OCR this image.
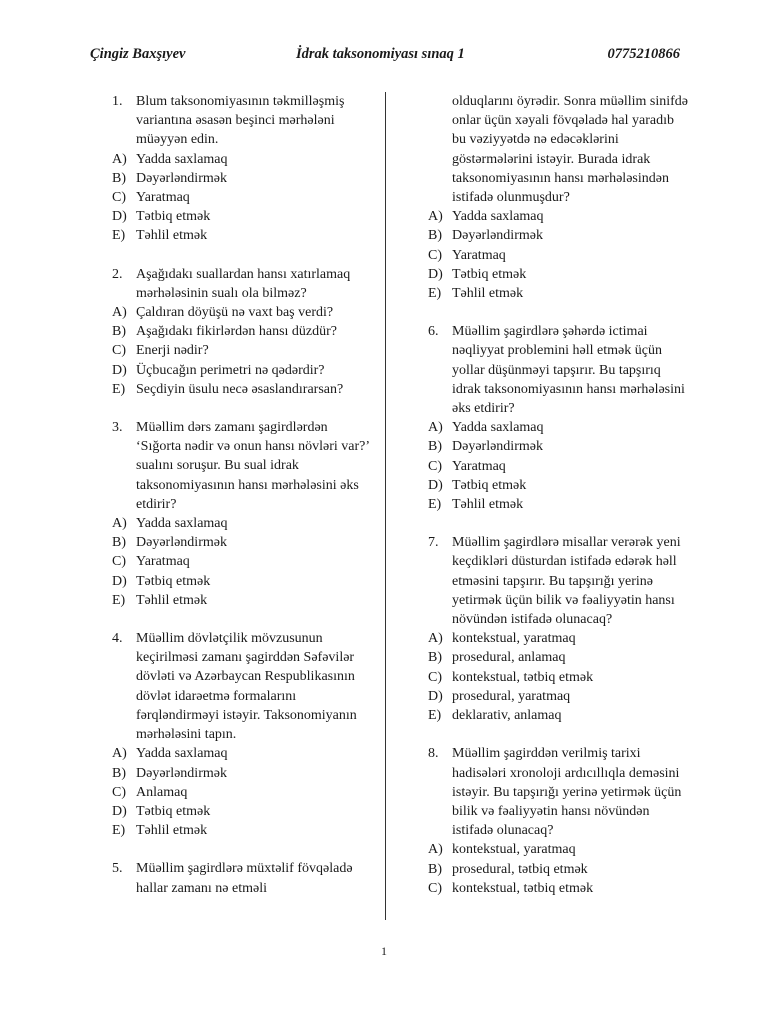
Çingiz Baxşıyev	İdrak taksonomiyası sınaq 1	0775210866
1. Blum taksonomiyasının təkmilləşmiş variantına əsasən beşinci mərhələni müəyyən edin.
A) Yadda saxlamaq
B) Dəyərləndirmək
C) Yaratmaq
D) Tətbiq etmək
E) Təhlil etmək
2. Aşağıdakı suallardan hansı xatırlamaq mərhələsinin sualı ola bilməz?
A) Çaldıran döyüşü nə vaxt baş verdi?
B) Aşağıdakı fikirlərdən hansı düzdür?
C) Enerji nədir?
D) Üçbucağın perimetri nə qədərdir?
E) Seçdiyin üsulu necə əsaslandırarsan?
3. Müəllim dərs zamanı şagirdlərdən ‘Sığorta nədir və onun hansı növləri var?’ sualını soruşur. Bu sual idrak taksonomiyasının hansı mərhələsini əks etdirir?
A) Yadda saxlamaq
B) Dəyərləndirmək
C) Yaratmaq
D) Tətbiq etmək
E) Təhlil etmək
4. Müəllim dövlətçilik mövzusunun keçirilməsi zamanı şagirddən Səfəvilər dövləti və Azərbaycan Respublikasının dövlət idarəetmə formalarını fərqləndirməyi istəyir. Taksonomiyanın mərhələsini tapın.
A) Yadda saxlamaq
B) Dəyərləndirmək
C) Anlamaq
D) Tətbiq etmək
E) Təhlil etmək
5. Müəllim şagirdlərə müxtəlif fövqəladə hallar zamanı nə etməli
olduqlarını öyrədir. Sonra müəllim sinifdə onlar üçün xəyali fövqəladə hal yaradıb bu vəziyyətdə nə edəcəklərini göstərmələrini istəyir. Burada idrak taksonomiyasının hansı mərhələsindən istifadə olunmuşdur?
A) Yadda saxlamaq
B) Dəyərləndirmək
C) Yaratmaq
D) Tətbiq etmək
E) Təhlil etmək
6. Müəllim şagirdlərə şəhərdə ictimai nəqliyyat problemini həll etmək üçün yollar düşünməyi tapşırır. Bu tapşırıq idrak taksonomiyasının hansı mərhələsini əks etdirir?
A) Yadda saxlamaq
B) Dəyərləndirmək
C) Yaratmaq
D) Tətbiq etmək
E) Təhlil etmək
7. Müəllim şagirdlərə misallar verərək yeni keçdikləri düsturdan istifadə edərək həll etməsini tapşırır. Bu tapşırığı yerinə yetirmək üçün bilik və fəaliyyətin hansı növündən istifadə olunacaq?
A) kontekstual, yaratmaq
B) prosedural, anlamaq
C) kontekstual, tətbiq etmək
D) prosedural, yaratmaq
E) deklarativ, anlamaq
8. Müəllim şagirddən verilmiş tarixi hadisələri xronoloji ardıcıllıqla deməsini istəyir. Bu tapşırığı yerinə yetirmək üçün bilik və fəaliyyətin hansı növündən istifadə olunacaq?
A) kontekstual, yaratmaq
B) prosedural, tətbiq etmək
C) kontekstual, tətbiq etmək
1
